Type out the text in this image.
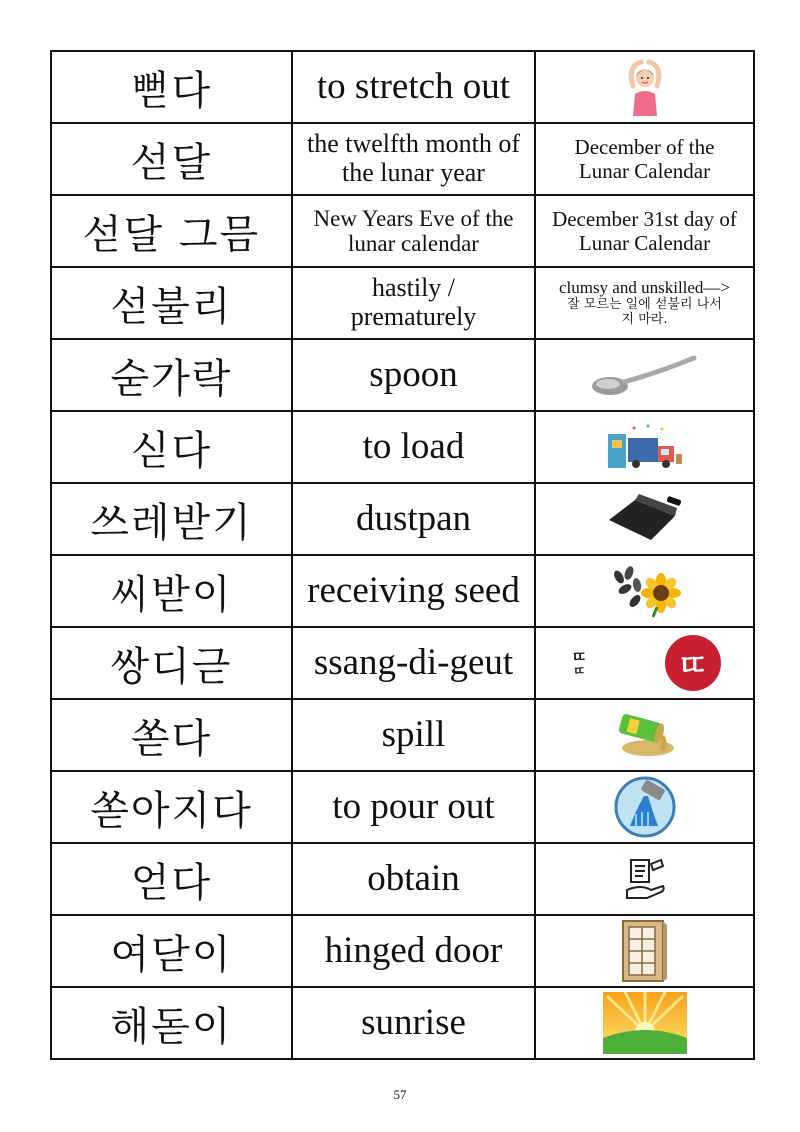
뻗다	to stretch out	

섣달	the twelfth month of the lunar year	December of the Lunar Calendar
섣달 그믐	New Years Eve of the lunar calendar	December 31st day of Lunar Calendar
섣불리	hastily / prematurely	clumsy and unskilled—>
잘 모르는 일에 섣불리 나서지 마라.

숟가락	spoon	

싣다	to load	

쓰레받기	dustpan	

씨받이	receiving seed	

쌍디귿	ssang-di-geut	ㄸ
ㄸ ㄸ

쏟다	spill	

쏟아지다	to pour out	

얻다	obtain	

여닫이	hinged door	

해돋이	sunrise	
57
